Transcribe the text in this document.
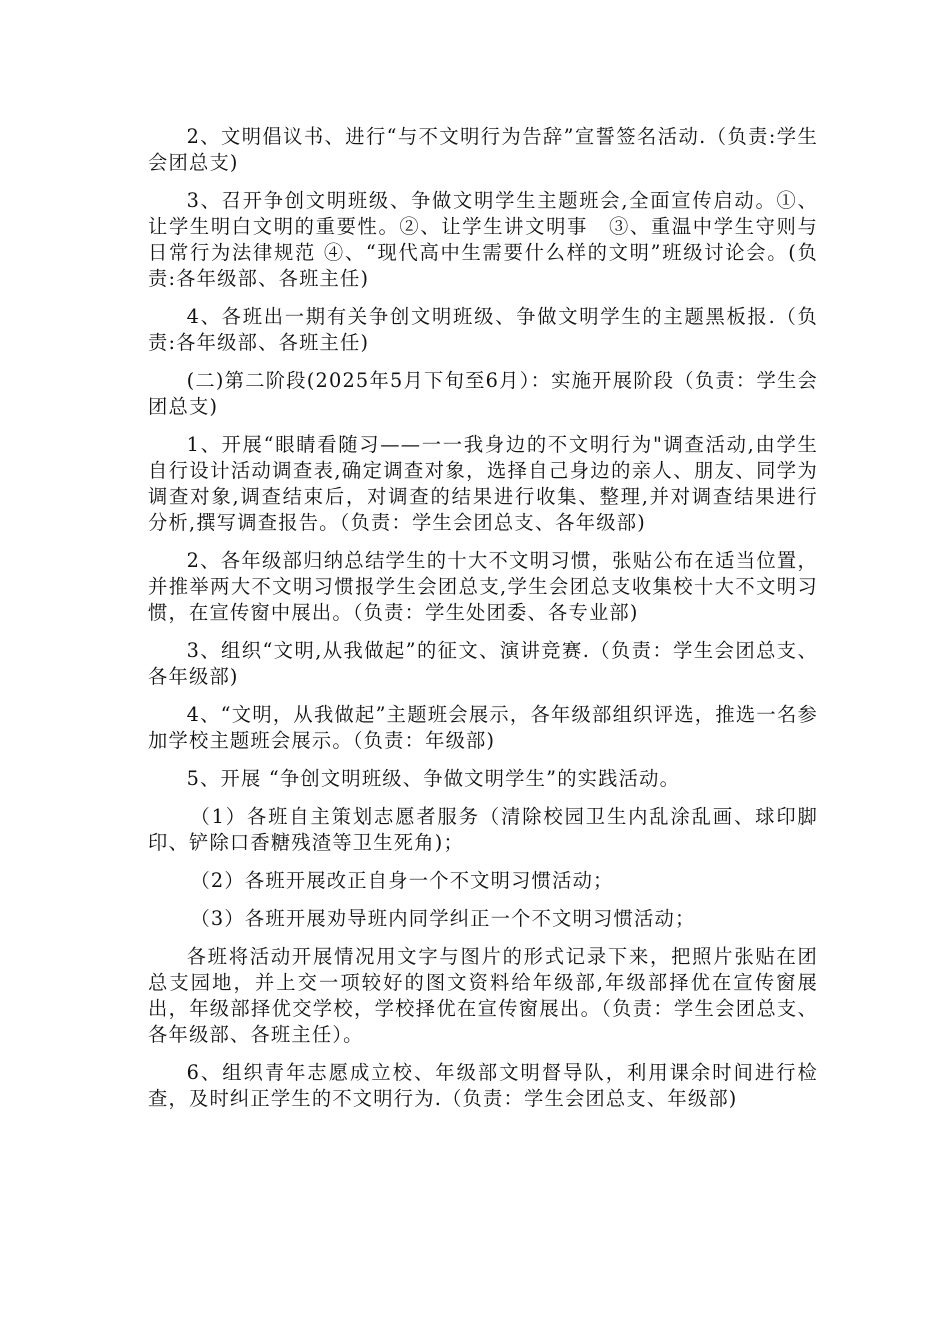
2、文明倡议书、进行“与不文明行为告辞”宣誓签名活动.（负责:学生会团总支)

3、召开争创文明班级、争做文明学生主题班会,全面宣传启动。①、让学生明白文明的重要性。②、让学生讲文明事　③、重温中学生守则与日常行为法律规范 ④、“现代高中生需要什么样的文明”班级讨论会。(负责:各年级部、各班主任)

4、各班出一期有关争创文明班级、争做文明学生的主题黑板报.（负责:各年级部、各班主任)

(二)第二阶段(2025年5月下旬至6月）：实施开展阶段（负责：学生会团总支)

1、开展“眼睛看随习——一一我身边的不文明行为"调查活动,由学生自行设计活动调查表,确定调查对象，选择自己身边的亲人、朋友、同学为调查对象,调查结束后，对调查的结果进行收集、整理,并对调查结果进行分析,撰写调查报告。（负责：学生会团总支、各年级部)

2、各年级部归纳总结学生的十大不文明习惯，张贴公布在适当位置，并推举两大不文明习惯报学生会团总支,学生会团总支收集校十大不文明习惯，在宣传窗中展出。（负责：学生处团委、各专业部)

3、组织“文明,从我做起”的征文、演讲竞赛.（负责：学生会团总支、各年级部)

4、“文明，从我做起”主题班会展示，各年级部组织评选，推选一名参加学校主题班会展示。（负责：年级部)

5、开展 “争创文明班级、争做文明学生”的实践活动。

（1）各班自主策划志愿者服务（清除校园卫生内乱涂乱画、球印脚印、铲除口香糖残渣等卫生死角)；

（2）各班开展改正自身一个不文明习惯活动；

（3）各班开展劝导班内同学纠正一个不文明习惯活动；

各班将活动开展情况用文字与图片的形式记录下来，把照片张贴在团总支园地，并上交一项较好的图文资料给年级部,年级部择优在宣传窗展出，年级部择优交学校，学校择优在宣传窗展出。（负责：学生会团总支、各年级部、各班主任）。

6、组织青年志愿成立校、年级部文明督导队，利用课余时间进行检查，及时纠正学生的不文明行为.（负责：学生会团总支、年级部)
